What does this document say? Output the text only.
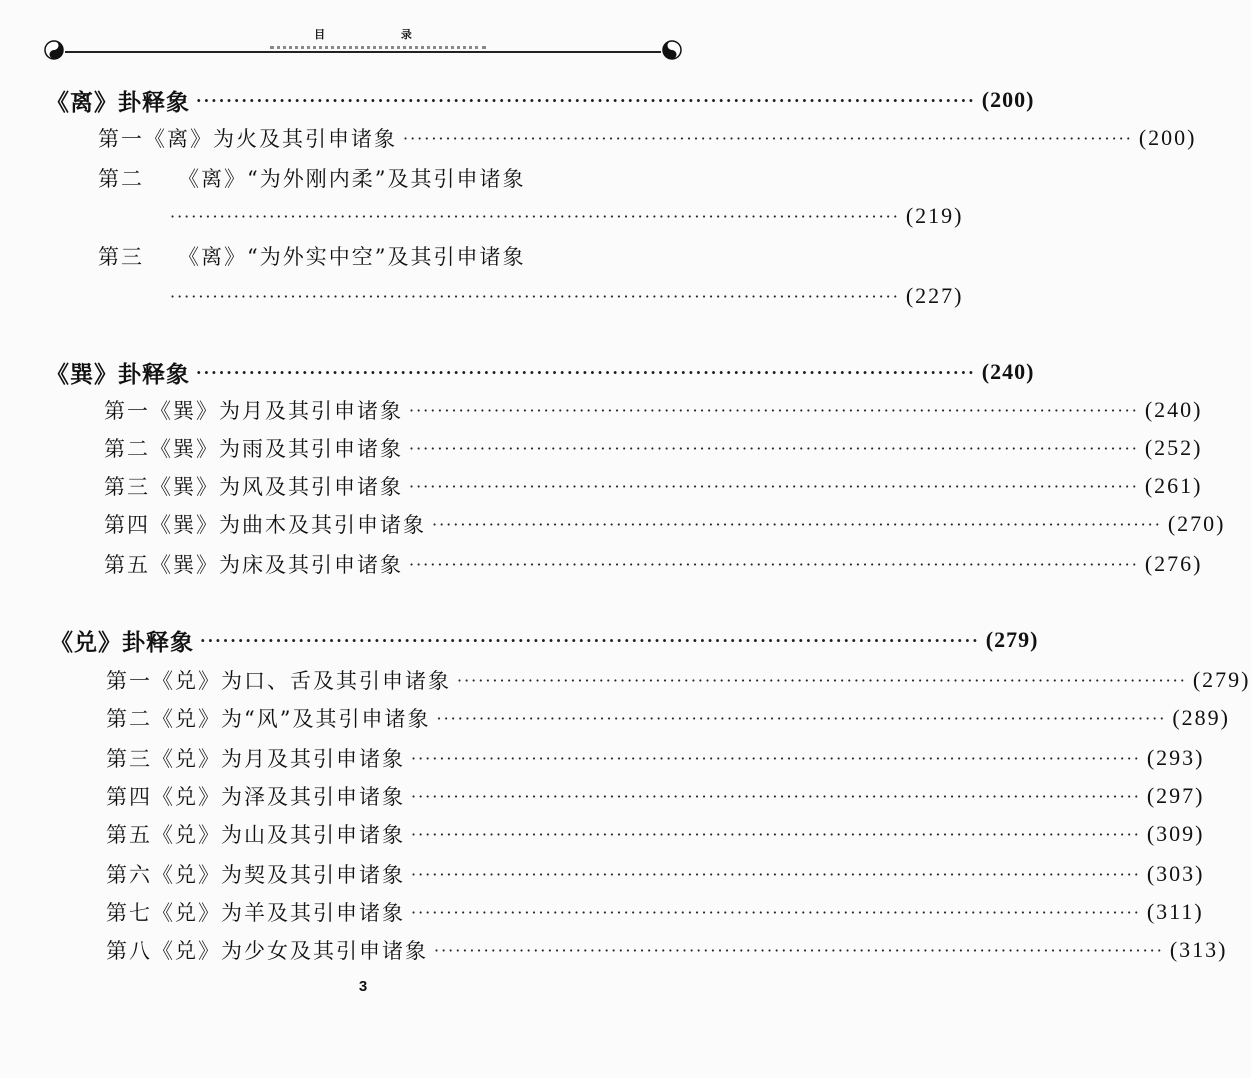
目 录
《离》卦释象 ······································································································· (200)
第一 《离》为火及其引申诸象 ······································································································· (200)
第二	《离》“为外刚内柔”及其引申诸象
······································································································· (219)
第三	《离》“为外实中空”及其引申诸象
······································································································· (227)
《巽》卦释象 ······································································································· (240)
第一 《巽》为月及其引申诸象 ······································································································· (240)
第二 《巽》为雨及其引申诸象 ······································································································· (252)
第三 《巽》为风及其引申诸象 ······································································································· (261)
第四 《巽》为曲木及其引申诸象 ······································································································· (270)
第五 《巽》为床及其引申诸象 ······································································································· (276)
《兑》卦释象 ······································································································· (279)
第一 《兑》为口、舌及其引申诸象 ······································································································· (279)
第二 《兑》为“风”及其引申诸象 ······································································································· (289)
第三 《兑》为月及其引申诸象 ······································································································· (293)
第四 《兑》为泽及其引申诸象 ······································································································· (297)
第五 《兑》为山及其引申诸象 ······································································································· (309)
第六 《兑》为契及其引申诸象 ······································································································· (303)
第七 《兑》为羊及其引申诸象 ······································································································· (311)
第八 《兑》为少女及其引申诸象 ······································································································· (313)
3
